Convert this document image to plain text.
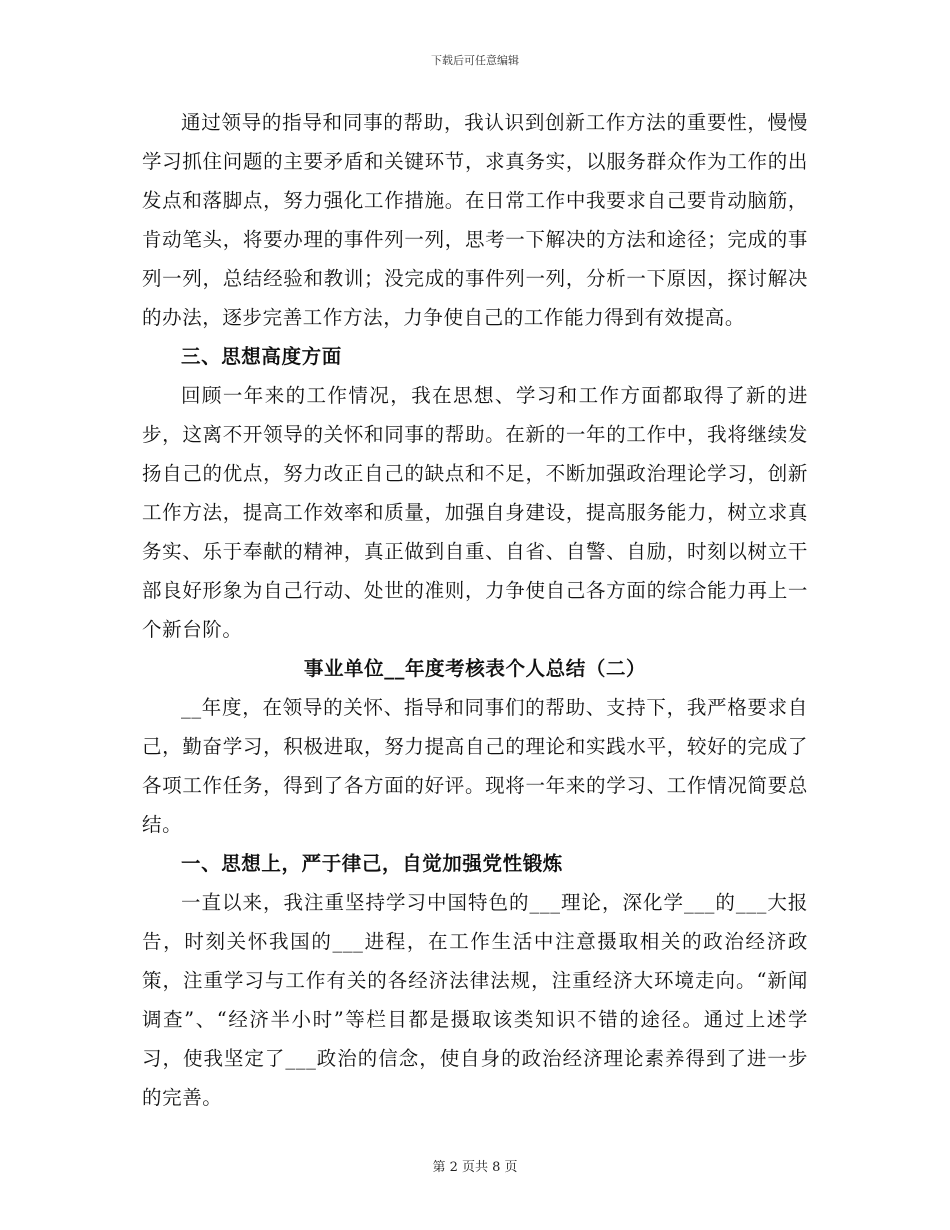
下载后可任意编辑

通过领导的指导和同事的帮助，我认识到创新工作方法的重要性，慢慢学习抓住问题的主要矛盾和关键环节，求真务实，以服务群众作为工作的出发点和落脚点，努力强化工作措施。在日常工作中我要求自己要肯动脑筋，肯动笔头，将要办理的事件列一列，思考一下解决的方法和途径；完成的事列一列，总结经验和教训；没完成的事件列一列，分析一下原因，探讨解决的办法，逐步完善工作方法，力争使自己的工作能力得到有效提高。

三、思想高度方面

回顾一年来的工作情况，我在思想、学习和工作方面都取得了新的进步，这离不开领导的关怀和同事的帮助。在新的一年的工作中，我将继续发扬自己的优点，努力改正自己的缺点和不足，不断加强政治理论学习，创新工作方法，提高工作效率和质量，加强自身建设，提高服务能力，树立求真务实、乐于奉献的精神，真正做到自重、自省、自警、自励，时刻以树立干部良好形象为自己行动、处世的准则，力争使自己各方面的综合能力再上一个新台阶。

事业单位__年度考核表个人总结（二）

__年度，在领导的关怀、指导和同事们的帮助、支持下，我严格要求自己，勤奋学习，积极进取，努力提高自己的理论和实践水平，较好的完成了各项工作任务，得到了各方面的好评。现将一年来的学习、工作情况简要总结。

一、思想上，严于律己，自觉加强党性锻炼

一直以来，我注重坚持学习中国特色的___理论，深化学___的___大报告，时刻关怀我国的___进程，在工作生活中注意摄取相关的政治经济政策，注重学习与工作有关的各经济法律法规，注重经济大环境走向。“新闻调查”、“经济半小时”等栏目都是摄取该类知识不错的途径。通过上述学习，使我坚定了___政治的信念，使自身的政治经济理论素养得到了进一步的完善。

第 2 页共 8 页
